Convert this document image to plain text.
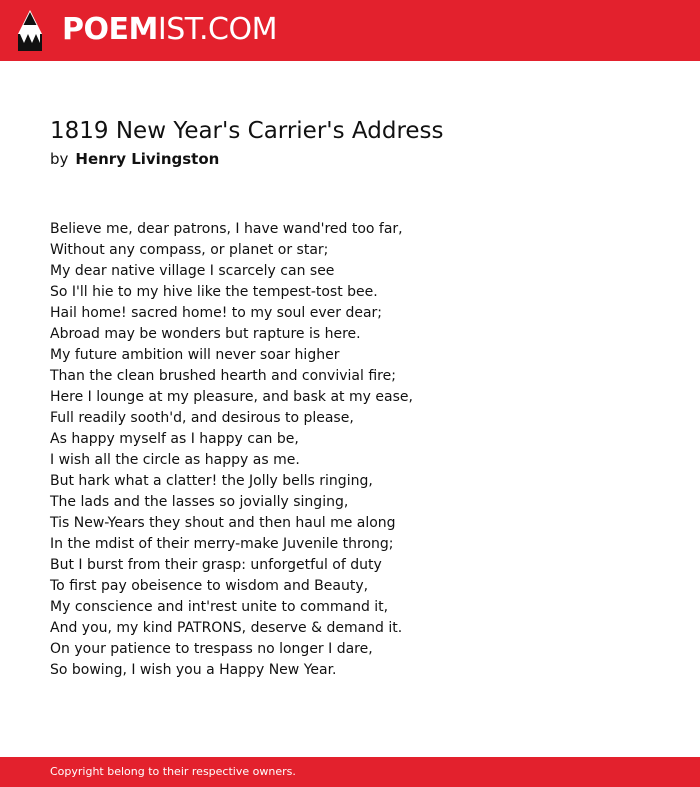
POEMIST.COM
1819 New Year's Carrier's Address
by Henry Livingston
Believe me, dear patrons, I have wand'red too far,
Without any compass, or planet or star;
My dear native village I scarcely can see
So I'll hie to my hive like the tempest-tost bee.
Hail home! sacred home! to my soul ever dear;
Abroad may be wonders but rapture is here.
My future ambition will never soar higher
Than the clean brushed hearth and convivial fire;
Here I lounge at my pleasure, and bask at my ease,
Full readily sooth'd, and desirous to please,
As happy myself as I happy can be,
I wish all the circle as happy as me.
But hark what a clatter! the Jolly bells ringing,
The lads and the lasses so jovially singing,
Tis New-Years they shout and then haul me along
In the mdist of their merry-make Juvenile throng;
But I burst from their grasp: unforgetful of duty
To first pay obeisence to wisdom and Beauty,
My conscience and int'rest unite to command it,
And you, my kind PATRONS, deserve & demand it.
On your patience to trespass no longer I dare,
So bowing, I wish you a Happy New Year.
Copyright belong to their respective owners.
